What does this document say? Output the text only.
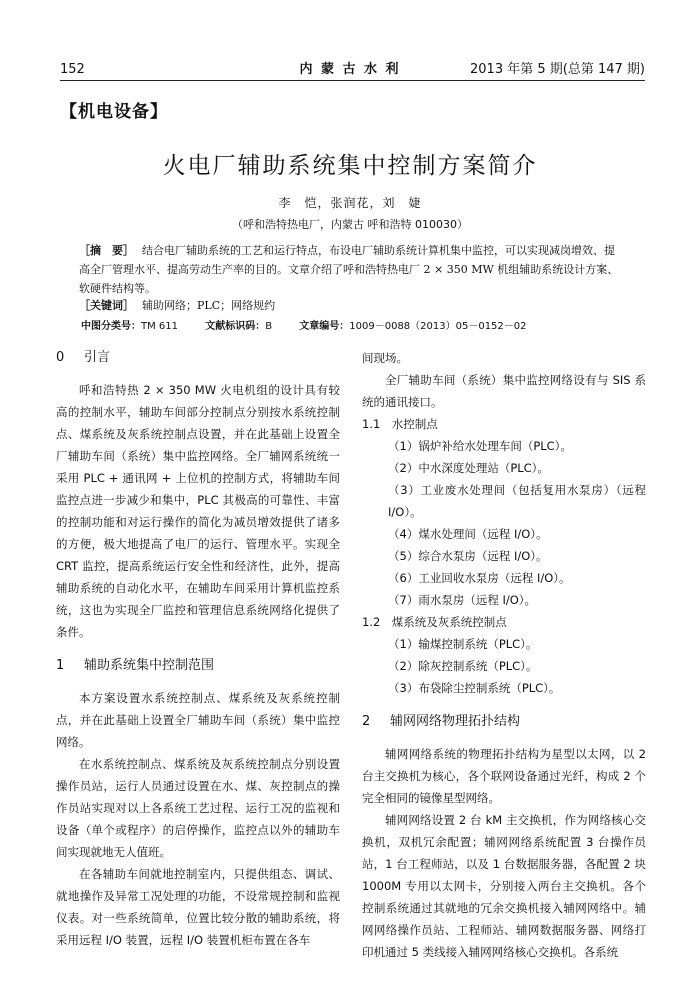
152	内 蒙 古 水 利	2013 年第 5 期(总第 147 期)
【机电设备】
火电厂辅助系统集中控制方案简介
李　恺，张润花，刘　婕
（呼和浩特热电厂，内蒙古 呼和浩特 010030）
［摘　要］ 结合电厂辅助系统的工艺和运行特点，布设电厂辅助系统计算机集中监控，可以实现减岗增效、提高全厂管理水平、提高劳动生产率的目的。文章介绍了呼和浩特热电厂 2 × 350 MW 机组辅助系统设计方案、软硬件结构等。
［关键词］ 辅助网络；PLC；网络规约
中图分类号：TM 611	文献标识码：B	文章编号：1009－0088（2013）05－0152－02
0 引言

呼和浩特热 2 × 350 MW 火电机组的设计具有较高的控制水平，辅助车间部分控制点分别按水系统控制点、煤系统及灰系统控制点设置，并在此基础上设置全厂辅助车间（系统）集中监控网络。全厂辅网系统统一采用 PLC + 通讯网 + 上位机的控制方式，将辅助车间监控点进一步减少和集中，PLC 其极高的可靠性、丰富的控制功能和对运行操作的简化为减员增效提供了诸多的方便，极大地提高了电厂的运行、管理水平。实现全 CRT 监控，提高系统运行安全性和经济性，此外，提高辅助系统的自动化水平，在辅助车间采用计算机监控系统，这也为实现全厂监控和管理信息系统网络化提供了条件。

1 辅助系统集中控制范围

本方案设置水系统控制点、煤系统及灰系统控制点，并在此基础上设置全厂辅助车间（系统）集中监控网络。

在水系统控制点、煤系统及灰系统控制点分别设置操作员站，运行人员通过设置在水、煤、灰控制点的操作员站实现对以上各系统工艺过程、运行工况的监视和设备（单个或程序）的启停操作，监控点以外的辅助车间实现就地无人值班。

在各辅助车间就地控制室内，只提供组态、调试、就地操作及异常工况处理的功能，不设常规控制和监视仪表。对一些系统简单，位置比较分散的辅助系统，将采用远程 I/O 装置，远程 I/O 装置机柜布置在各车

间现场。

全厂辅助车间（系统）集中监控网络设有与 SIS 系统的通讯接口。

1.1　水控制点

（1）锅炉补给水处理车间（PLC）。

（2）中水深度处理站（PLC）。

（3）工业废水处理间（包括复用水泵房）（远程 I/O）。

（4）煤水处理间（远程 I/O）。

（5）综合水泵房（远程 I/O）。

（6）工业回收水泵房（远程 I/O）。

（7）雨水泵房（远程 I/O）。

1.2　煤系统及灰系统控制点

（1）输煤控制系统（PLC）。

（2）除灰控制系统（PLC）。

（3）布袋除尘控制系统（PLC）。

2 辅网网络物理拓扑结构

辅网网络系统的物理拓扑结构为星型以太网，以 2 台主交换机为核心，各个联网设备通过光纤，构成 2 个完全相同的镜像星型网络。

辅网网络设置 2 台 kM 主交换机，作为网络核心交换机，双机冗余配置；辅网网络系统配置 3 台操作员站，1 台工程师站，以及 1 台数据服务器，各配置 2 块 1000M 专用以太网卡，分别接入两台主交换机。各个控制系统通过其就地的冗余交换机接入辅网网络中。辅网网络操作员站、工程师站、辅网数据服务器、网络打印机通过 5 类线接入辅网网络核心交换机。各系统
